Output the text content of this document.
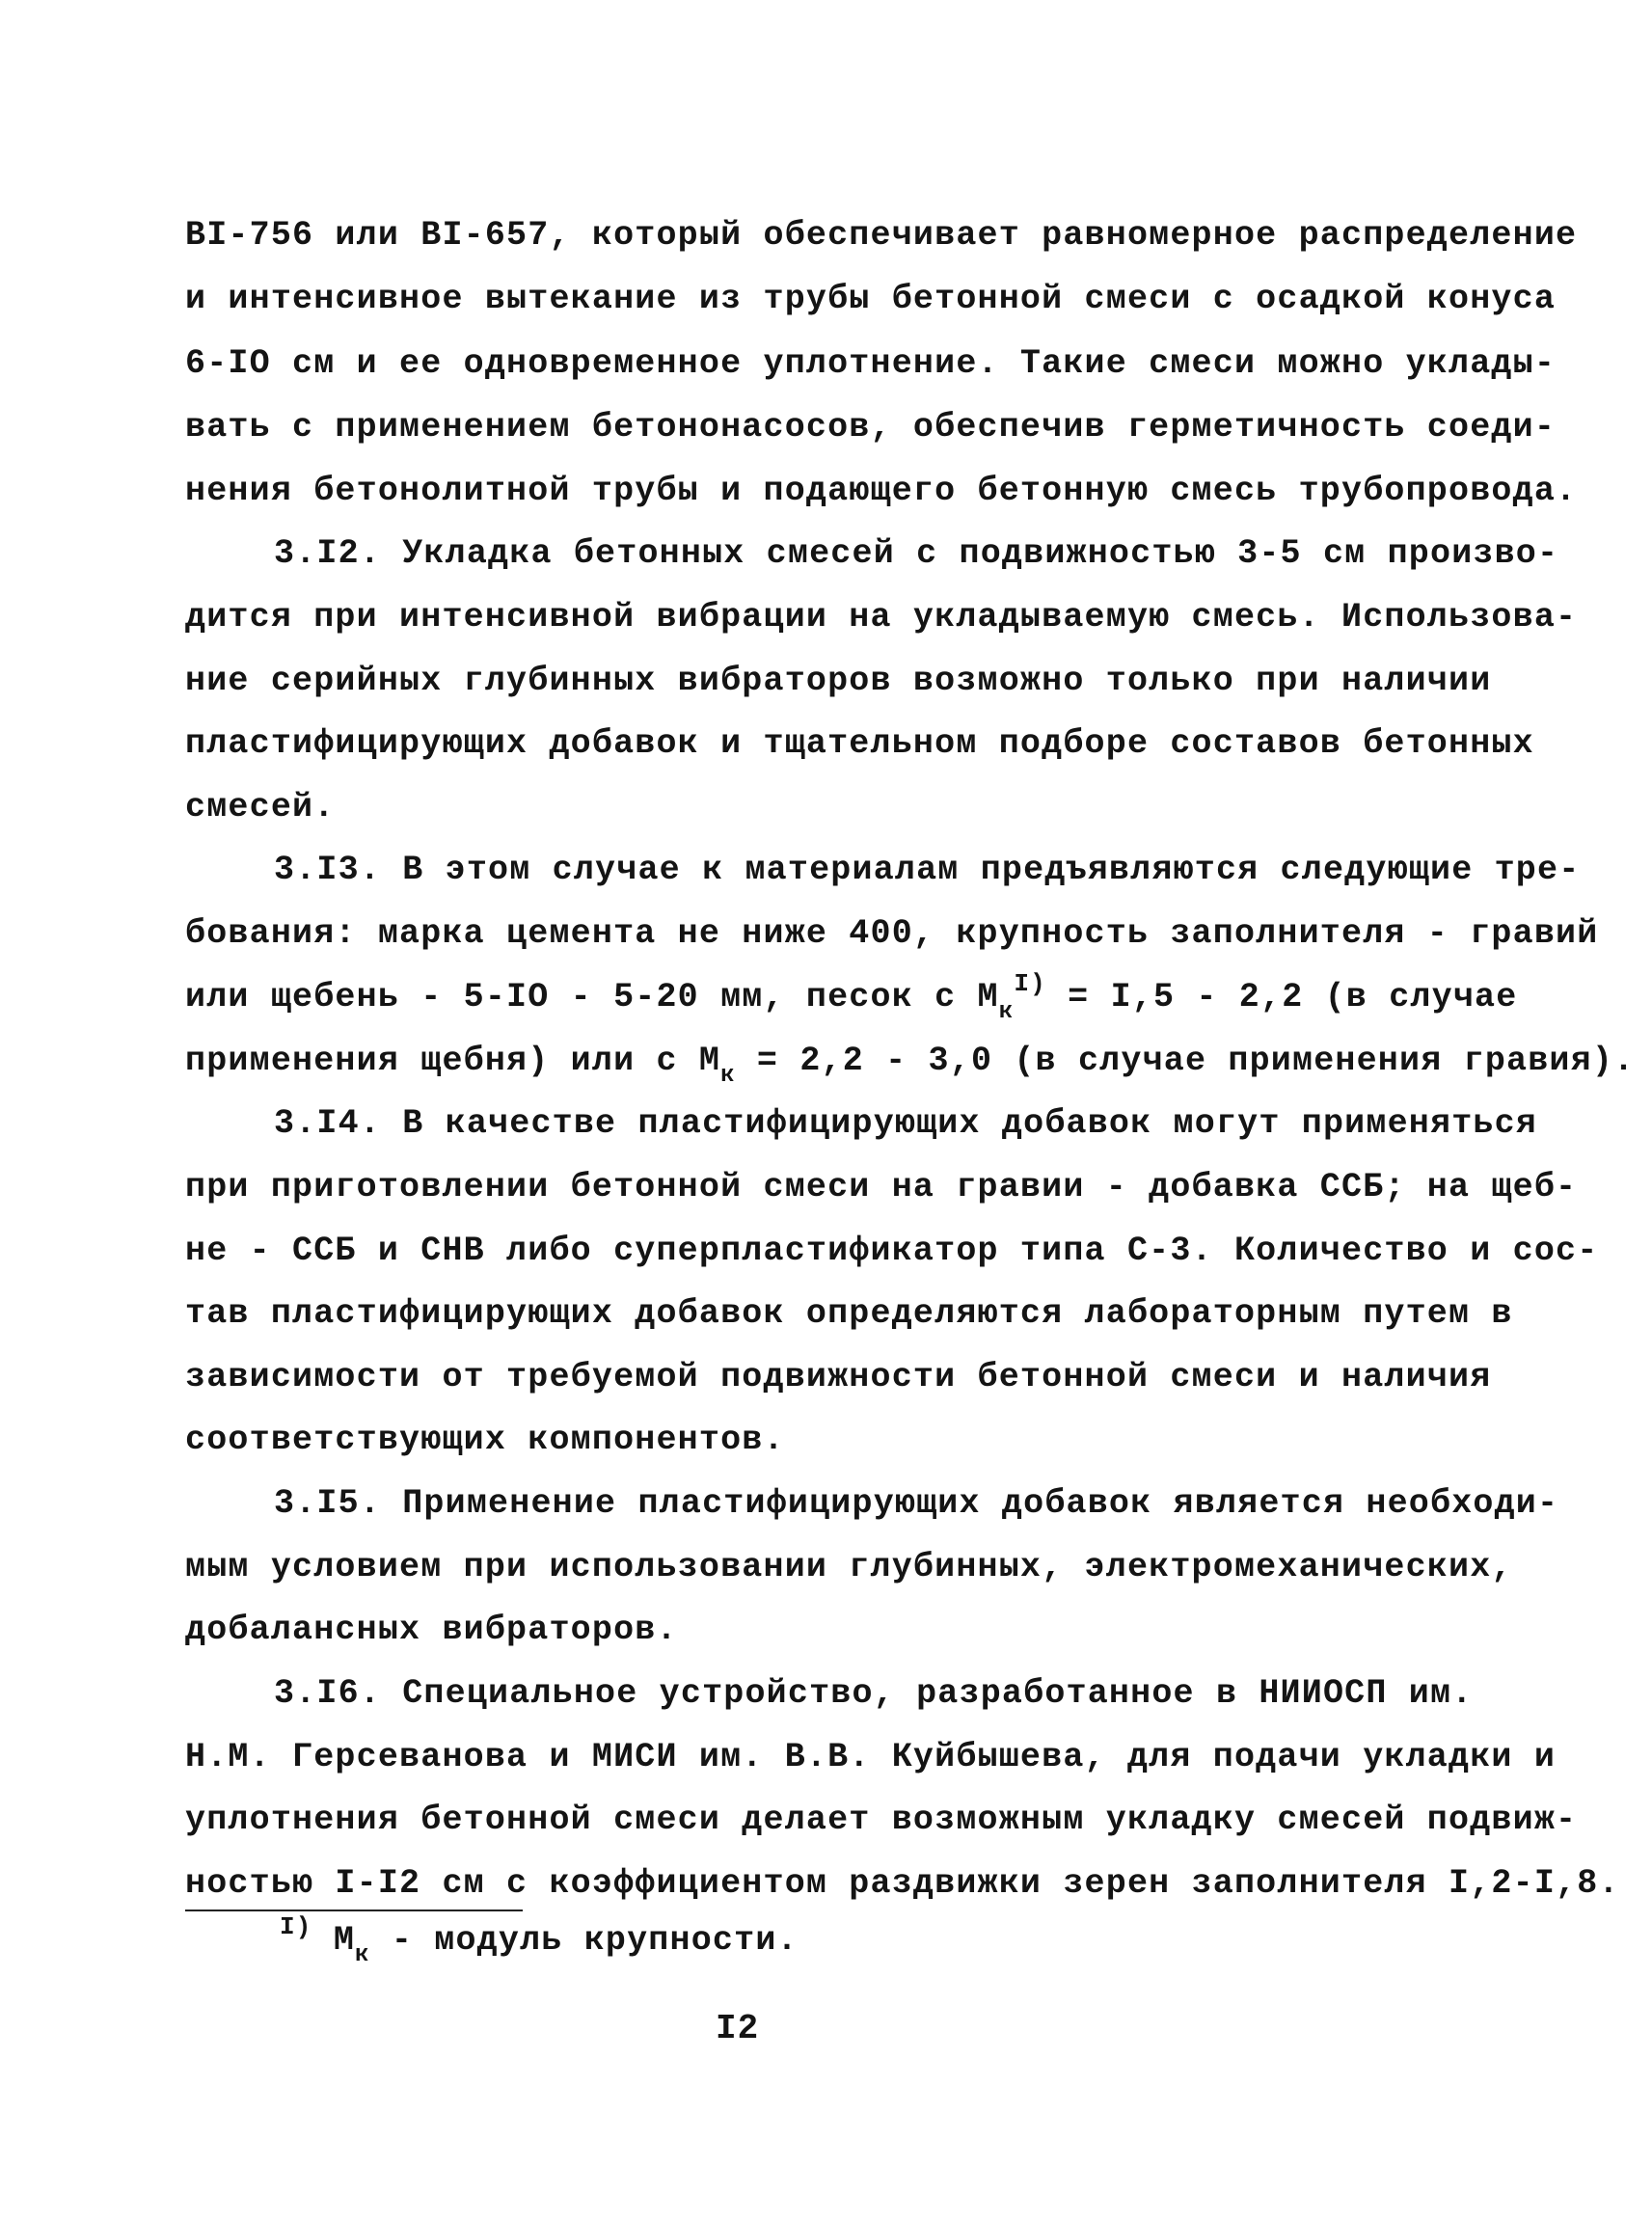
BI-756 или BI-657, который обеспечивает равномерное распределение
и интенсивное вытекание из трубы бетонной смеси с осадкой конуса
6-IO см и ее одновременное уплотнение. Такие смеси можно уклады-
вать с применением бетононасосов, обеспечив герметичность соеди-
нения бетонолитной трубы и подающего бетонную смесь трубопровода.
3.I2. Укладка бетонных смесей с подвижностью 3-5 см произво-
дится при интенсивной вибрации на укладываемую смесь. Использова-
ние серийных глубинных вибраторов возможно только при наличии
пластифицирующих добавок и тщательном подборе составов бетонных
смесей.
3.I3. В этом случае к материалам предъявляются следующие тре-
бования: марка цемента не ниже 400, крупность заполнителя - гравий
или щебень - 5-IO - 5-20 мм, песок с $М_к^{I)} = I,5 - 2,2$ (в случае
применения щебня) или с $М_к = 2,2 - 3,0$ (в случае применения гравия).
3.I4. В качестве пластифицирующих добавок могут применяться
при приготовлении бетонной смеси на гравии - добавка ССБ; на щеб-
не - ССБ и СНВ либо суперпластификатор типа С-3. Количество и сос-
тав пластифицирующих добавок определяются лабораторным путем в
зависимости от требуемой подвижности бетонной смеси и наличия
соответствующих компонентов.
3.I5. Применение пластифицирующих добавок является необходи-
мым условием при использовании глубинных, электромеханических,
добалансных вибраторов.
3.I6. Специальное устройство, разработанное в НИИОСП им.
Н.М. Герсеванова и МИСИ им. В.В. Куйбышева, для подачи укладки и
уплотнения бетонной смеси делает возможным укладку смесей подвиж-
ностью I-I2 см с коэффициентом раздвижки зерен заполнителя I,2-I,8.
$^{I)}$ $М_к$ - модуль крупности.
I2
